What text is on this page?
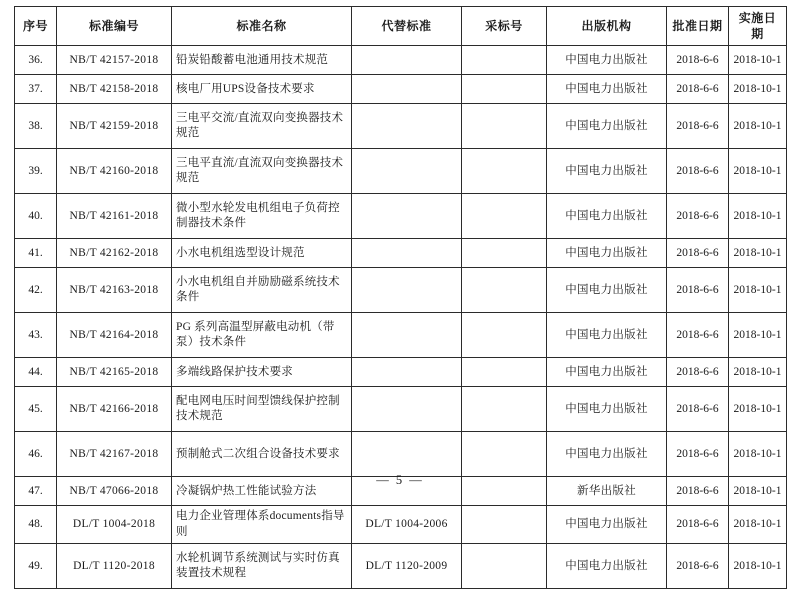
序号	标准编号	标准名称	代替标准	采标号	出版机构	批准日期	实施日期
36.	NB/T 42157-2018	铅炭铅酸蓄电池通用技术规范			中国电力出版社	2018-6-6	2018-10-1
37.	NB/T 42158-2018	核电厂用UPS设备技术要求			中国电力出版社	2018-6-6	2018-10-1
38.	NB/T 42159-2018	三电平交流/直流双向变换器技术规范			中国电力出版社	2018-6-6	2018-10-1
39.	NB/T 42160-2018	三电平直流/直流双向变换器技术规范			中国电力出版社	2018-6-6	2018-10-1
40.	NB/T 42161-2018	微小型水轮发电机组电子负荷控制器技术条件			中国电力出版社	2018-6-6	2018-10-1
41.	NB/T 42162-2018	小水电机组选型设计规范			中国电力出版社	2018-6-6	2018-10-1
42.	NB/T 42163-2018	小水电机组自并励励磁系统技术条件			中国电力出版社	2018-6-6	2018-10-1
43.	NB/T 42164-2018	PG 系列高温型屏蔽电动机（带泵）技术条件			中国电力出版社	2018-6-6	2018-10-1
44.	NB/T 42165-2018	多端线路保护技术要求			中国电力出版社	2018-6-6	2018-10-1
45.	NB/T 42166-2018	配电网电压时间型馈线保护控制技术规范			中国电力出版社	2018-6-6	2018-10-1
46.	NB/T 42167-2018	预制舱式二次组合设备技术要求			中国电力出版社	2018-6-6	2018-10-1
47.	NB/T 47066-2018	冷凝锅炉热工性能试验方法			新华出版社	2018-6-6	2018-10-1
48.	DL/T 1004-2018	电力企业管理体系documents指导则	DL/T 1004-2006		中国电力出版社	2018-6-6	2018-10-1
49.	DL/T 1120-2018	水轮机调节系统测试与实时仿真装置技术规程	DL/T 1120-2009		中国电力出版社	2018-6-6	2018-10-1
— 5 —
